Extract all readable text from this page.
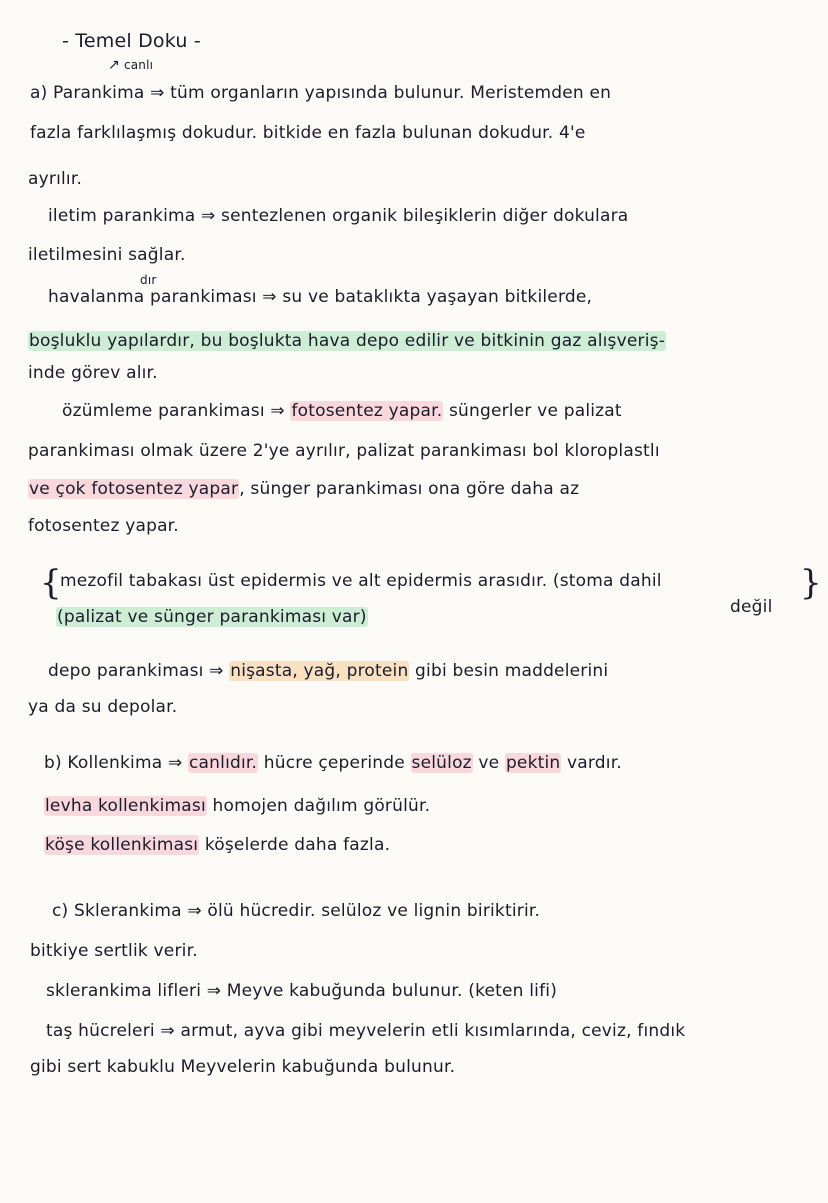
- Temel Doku -
↗ canlı
a) Parankima ⇒ tüm organların yapısında bulunur. Meristemden en
fazla farklılaşmış dokudur. bitkide en fazla bulunan dokudur. 4'e
ayrılır.
iletim parankima ⇒ sentezlenen organik bileşiklerin diğer dokulara
iletilmesini sağlar.
dır
havalanma parankiması ⇒ su ve bataklıkta yaşayan bitkilerde,
boşluklu yapılardır, bu boşlukta hava depo edilir ve bitkinin gaz alışveriş-
inde görev alır.
özümleme parankiması ⇒ fotosentez yapar. süngerler ve palizat
parankiması olmak üzere 2'ye ayrılır, palizat parankiması bol kloroplastlı
ve çok fotosentez yapar, sünger parankiması ona göre daha az
fotosentez yapar.
{
mezofil tabakası üst epidermis ve alt epidermis arasıdır. (stoma dahil	}
değil
(palizat ve sünger parankiması var)
depo parankiması ⇒ nişasta, yağ, protein gibi besin maddelerini
ya da su depolar.
b) Kollenkima ⇒ canlıdır. hücre çeperinde selüloz ve pektin vardır.
levha kollenkiması homojen dağılım görülür.
köşe kollenkiması köşelerde daha fazla.
c) Sklerankima ⇒ ölü hücredir. selüloz ve lignin biriktirir.
bitkiye sertlik verir.
sklerankima lifleri ⇒ Meyve kabuğunda bulunur. (keten lifi)
taş hücreleri ⇒ armut, ayva gibi meyvelerin etli kısımlarında, ceviz, fındık
gibi sert kabuklu Meyvelerin kabuğunda bulunur.
